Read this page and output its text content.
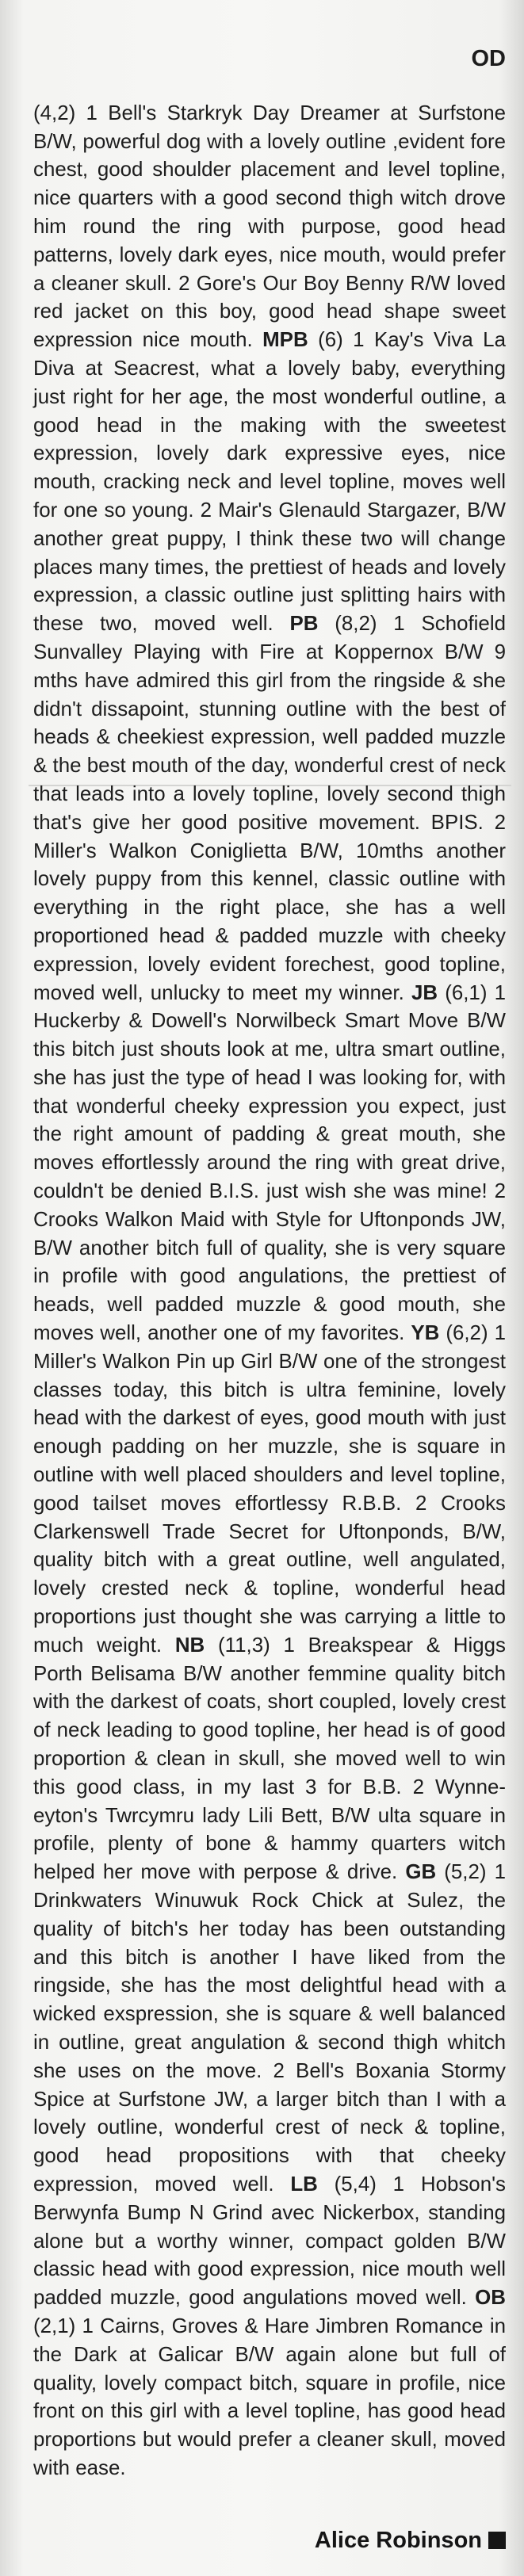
OD

(4,2) 1 Bell's Starkryk Day Dreamer at Surfstone B/W, powerful dog with a lovely outline ,evident fore chest, good shoulder placement and level topline, nice quarters with a good second thigh witch drove him round the ring with purpose, good head patterns, lovely dark eyes, nice mouth, would prefer a cleaner skull. 2 Gore's Our Boy Benny R/W loved red jacket on this boy, good head shape sweet expression nice mouth. MPB (6) 1 Kay's Viva La Diva at Seacrest, what a lovely baby, everything just right for her age, the most wonderful outline, a good head in the making with the sweetest expression, lovely dark expressive eyes, nice mouth, cracking neck and level topline, moves well for one so young. 2 Mair's Glenauld Stargazer, B/W another great puppy, I think these two will change places many times, the prettiest of heads and lovely expression, a classic outline just splitting hairs with these two, moved well. PB (8,2) 1 Schofield Sunvalley Playing with Fire at Koppernox B/W 9 mths have admired this girl from the ringside & she didn't dissapoint, stunning outline with the best of heads & cheekiest expression, well padded muzzle & the best mouth of the day, wonderful crest of neck that leads into a lovely topline, lovely second thigh that's give her good positive movement. BPIS. 2 Miller's Walkon Coniglietta B/W, 10mths another lovely puppy from this kennel, classic outline with everything in the right place, she has a well proportioned head & padded muzzle with cheeky expression, lovely evident forechest, good topline, moved well, unlucky to meet my winner. JB (6,1) 1 Huckerby & Dowell's Norwilbeck Smart Move B/W this bitch just shouts look at me, ultra smart outline, she has just the type of head I was looking for, with that wonderful cheeky expression you expect, just the right amount of padding & great mouth, she moves effortlessly around the ring with great drive, couldn't be denied B.I.S. just wish she was mine! 2 Crooks Walkon Maid with Style for Uftonponds JW, B/W another bitch full of quality, she is very square in profile with good angulations, the prettiest of heads, well padded muzzle & good mouth, she moves well, another one of my favorites. YB (6,2) 1 Miller's Walkon Pin up Girl B/W one of the strongest classes today, this bitch is ultra feminine, lovely head with the darkest of eyes, good mouth with just enough padding on her muzzle, she is square in outline with well placed shoulders and level topline, good tailset moves effortlessy R.B.B. 2 Crooks Clarkenswell Trade Secret for Uftonponds, B/W, quality bitch with a great outline, well angulated, lovely crested neck & topline, wonderful head proportions just thought she was carrying a little to much weight. NB (11,3) 1 Breakspear & Higgs Porth Belisama B/W another femmine quality bitch with the darkest of coats, short coupled, lovely crest of neck leading to good topline, her head is of good proportion & clean in skull, she moved well to win this good class, in my last 3 for B.B. 2 Wynne-eyton's Twrcymru lady Lili Bett, B/W ulta square in profile, plenty of bone & hammy quarters witch helped her move with perpose & drive. GB (5,2) 1 Drinkwaters Winuwuk Rock Chick at Sulez, the quality of bitch's her today has been outstanding and this bitch is another I have liked from the ringside, she has the most delightful head with a wicked exspression, she is square & well balanced in outline, great angulation & second thigh whitch she uses on the move. 2 Bell's Boxania Stormy Spice at Surfstone JW, a larger bitch than I with a lovely outline, wonderful crest of neck & topline, good head propositions with that cheeky expression, moved well. LB (5,4) 1 Hobson's Berwynfa Bump N Grind avec Nickerbox, standing alone but a worthy winner, compact golden B/W classic head with good expression, nice mouth well padded muzzle, good angulations moved well. OB (2,1) 1 Cairns, Groves & Hare Jimbren Romance in the Dark at Galicar B/W again alone but full of quality, lovely compact bitch, square in profile, nice front on this girl with a level topline, has good head proportions but would prefer a cleaner skull, moved with ease.

Alice Robinson
